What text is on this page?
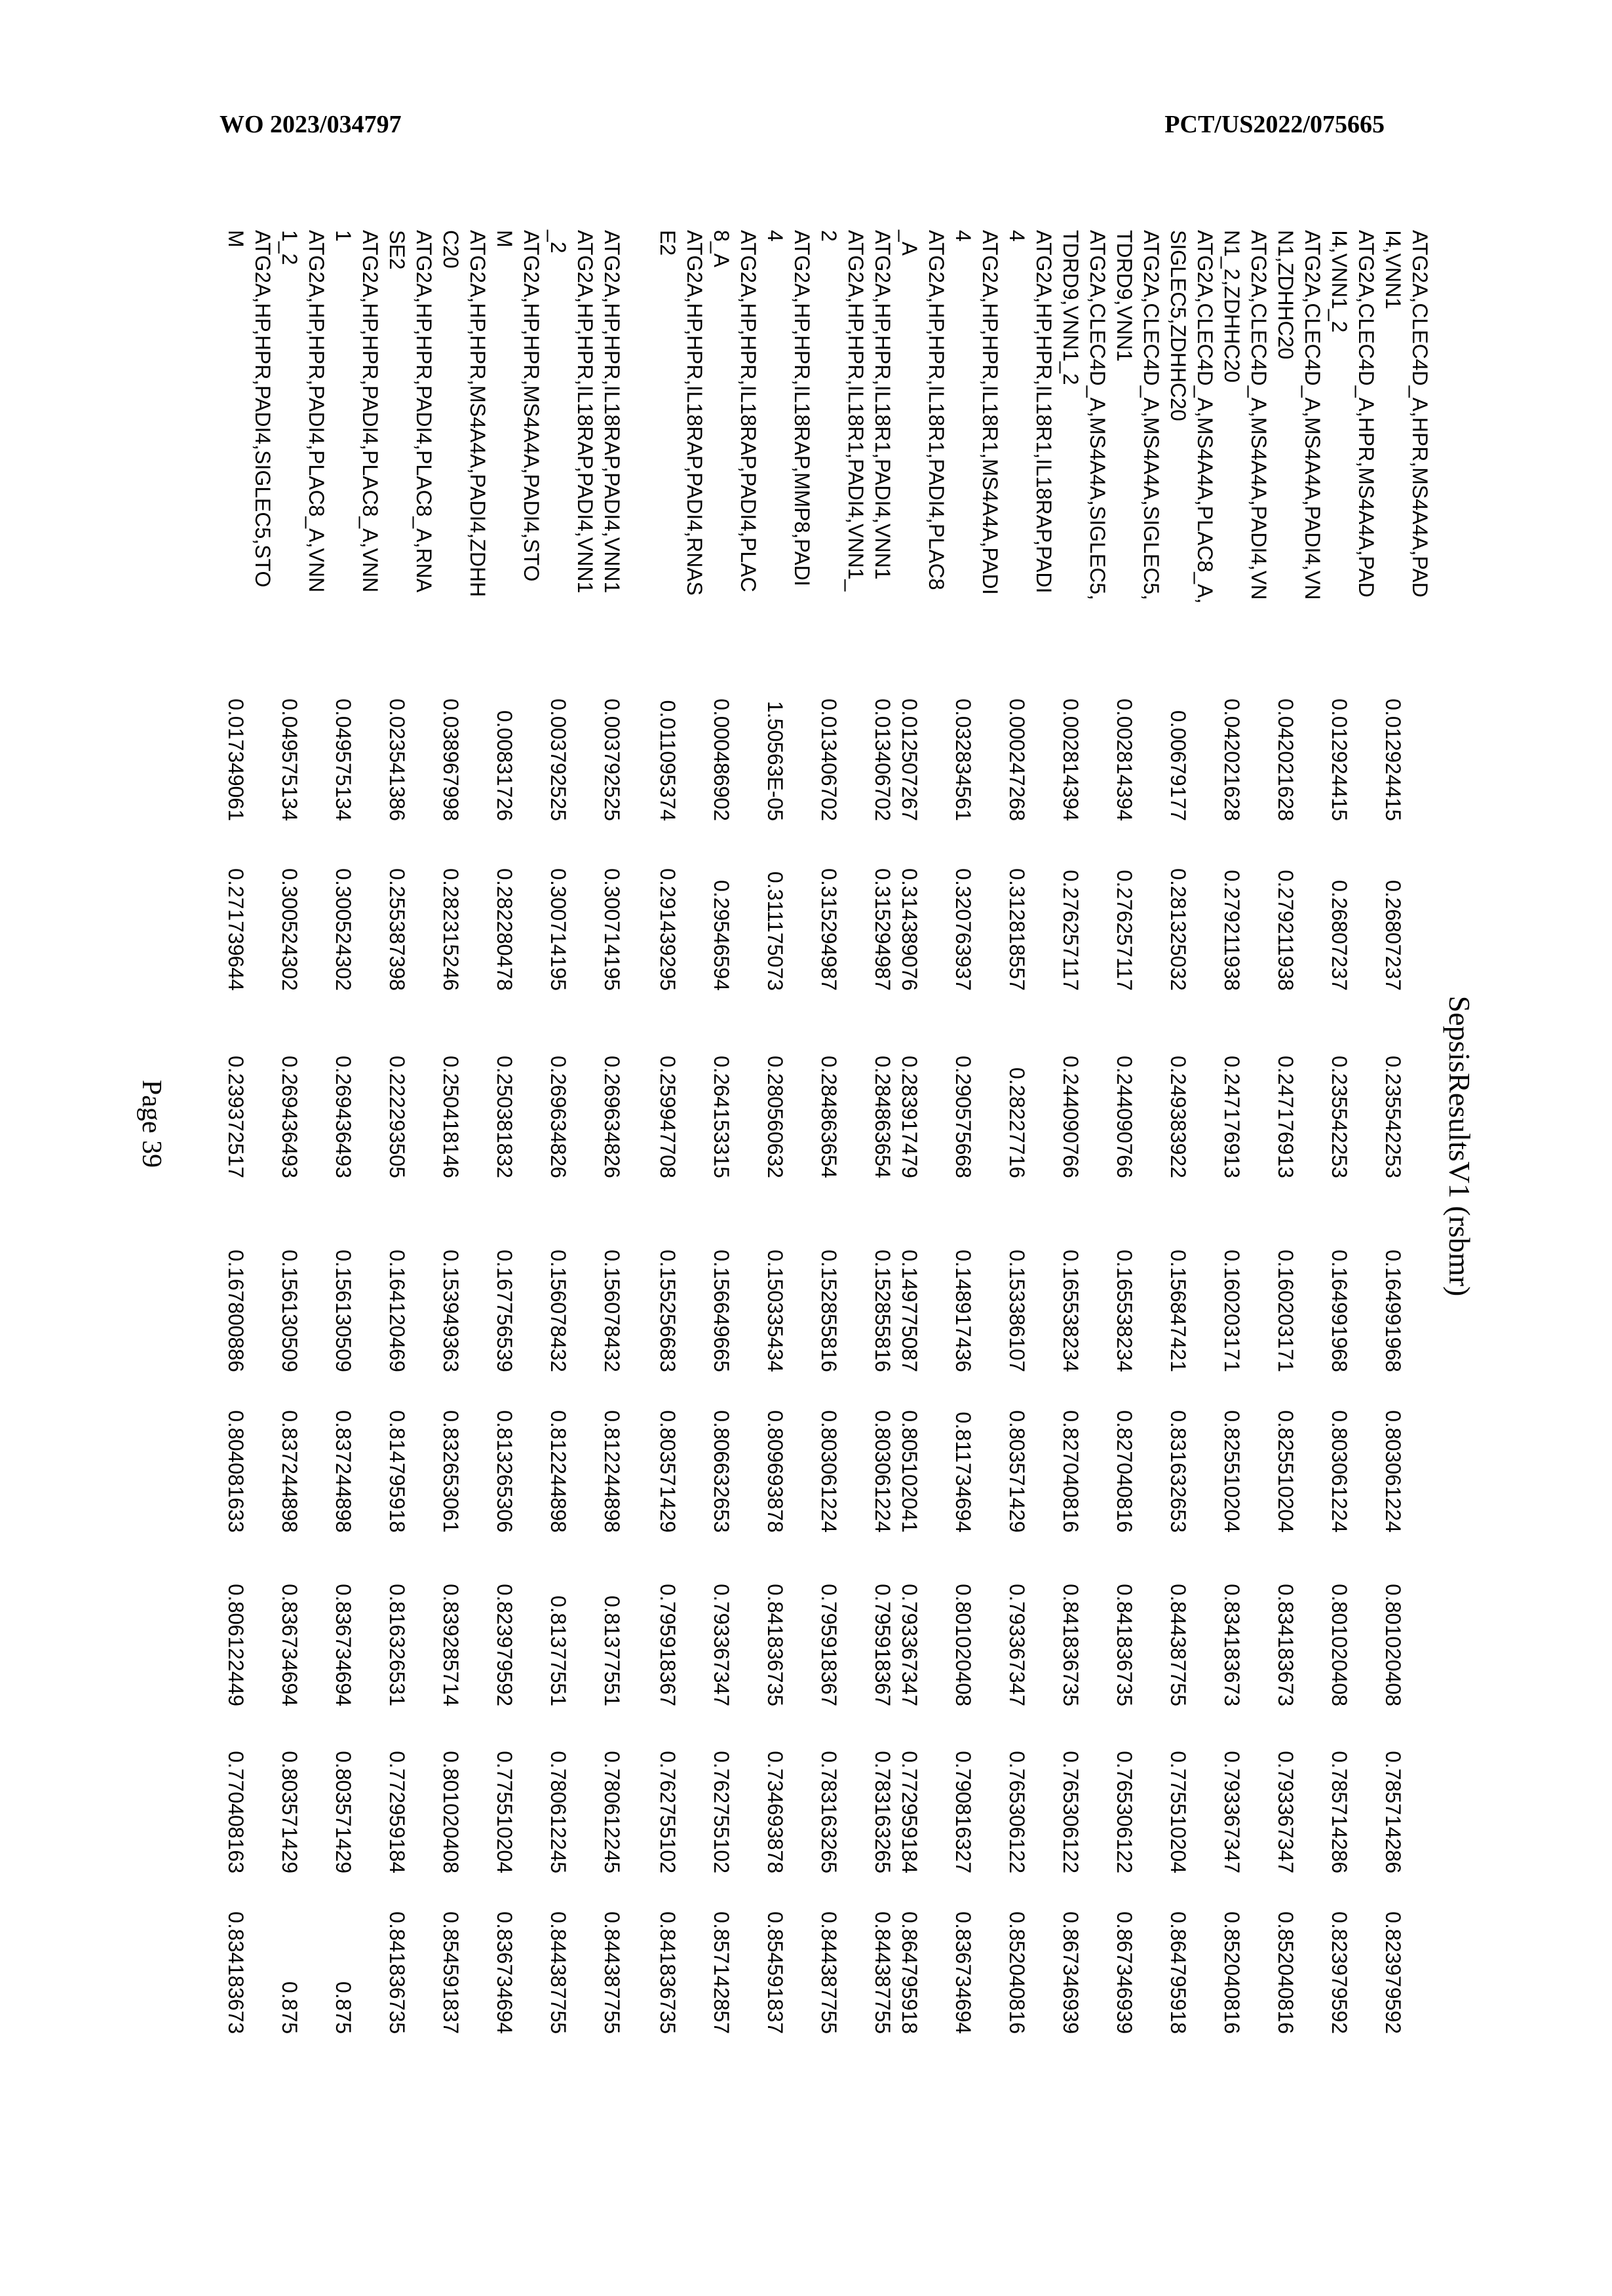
WO 2023/034797	PCT/US2022/075665
SepsisResultsV1 (rsbmr)
ATG2A,CLEC4D_A,HPR,MS4A4A,PAD
I4,VNN1
0.012924415
0.26807237
0.235542253
0.164991968
0.803061224
0.801020408
0.785714286
0.823979592
ATG2A,CLEC4D_A,HPR,MS4A4A,PAD
I4,VNN1_2
0.012924415
0.26807237
0.235542253
0.164991968
0.803061224
0.801020408
0.785714286
0.823979592
ATG2A,CLEC4D_A,MS4A4A,PADI4,VN
N1,ZDHHC20
0.042021628
0.279211938
0.247176913
0.160203171
0.825510204
0.834183673
0.793367347
0.852040816
ATG2A,CLEC4D_A,MS4A4A,PADI4,VN
N1_2,ZDHHC20
0.042021628
0.279211938
0.247176913
0.160203171
0.825510204
0.834183673
0.793367347
0.852040816
ATG2A,CLEC4D_A,MS4A4A,PLAC8_A,
SIGLEC5,ZDHHC20
0.00679177
0.281325032
0.249383922
0.156847421
0.831632653
0.844387755
0.775510204
0.864795918
ATG2A,CLEC4D_A,MS4A4A,SIGLEC5,
TDRD9,VNN1
0.002814394
0.276257117
0.244090766
0.165538234
0.827040816
0.841836735
0.765306122
0.867346939
ATG2A,CLEC4D_A,MS4A4A,SIGLEC5,
TDRD9,VNN1_2
0.002814394
0.276257117
0.244090766
0.165538234
0.827040816
0.841836735
0.765306122
0.867346939
ATG2A,HP,HPR,IL18R1,IL18RAP,PADI
4
0.000247268
0.312818557
0.28227716
0.153386107
0.803571429
0.793367347
0.765306122
0.852040816
ATG2A,HP,HPR,IL18R1,MS4A4A,PADI
4
0.032834561
0.320763937
0.290575668
0.148917436
0.811734694
0.801020408
0.790816327
0.836734694
ATG2A,HP,HPR,IL18R1,PADI4,PLAC8
_A
0.012507267
0.314389076
0.283917479
0.149775087
0.805102041
0.793367347
0.772959184
0.864795918
ATG2A,HP,HPR,IL18R1,PADI4,VNN1
0.013406702
0.315294987
0.284863654
0.152855816
0.803061224
0.795918367
0.783163265
0.844387755
ATG2A,HP,HPR,IL18R1,PADI4,VNN1_
2
0.013406702
0.315294987
0.284863654
0.152855816
0.803061224
0.795918367
0.783163265
0.844387755
ATG2A,HP,HPR,IL18RAP,MMP8,PADI
4
1.50563E-05
0.311175073
0.280560632
0.150335434
0.809693878
0.841836735
0.734693878
0.854591837
ATG2A,HP,HPR,IL18RAP,PADI4,PLAC
8_A
0.000486902
0.29546594
0.264153315
0.156649665
0.806632653
0.793367347
0.762755102
0.857142857
ATG2A,HP,HPR,IL18RAP,PADI4,RNAS
E2
0.011095374
0.291439295
0.259947708
0.155256683
0.803571429
0.795918367
0.762755102
0.841836735
ATG2A,HP,HPR,IL18RAP,PADI4,VNN1
0.003792525
0.300714195
0.269634826
0.156078432
0.812244898
0.81377551
0.780612245
0.844387755
ATG2A,HP,HPR,IL18RAP,PADI4,VNN1
_2
0.003792525
0.300714195
0.269634826
0.156078432
0.812244898
0.81377551
0.780612245
0.844387755
ATG2A,HP,HPR,MS4A4A,PADI4,STO
M
0.00831726
0.282280478
0.250381832
0.167756539
0.813265306
0.823979592
0.775510204
0.836734694
ATG2A,HP,HPR,MS4A4A,PADI4,ZDHH
C20
0.038967998
0.282315246
0.250418146
0.153949363
0.832653061
0.839285714
0.801020408
0.854591837
ATG2A,HP,HPR,PADI4,PLAC8_A,RNA
SE2
0.023541386
0.255387398
0.222293505
0.164120469
0.814795918
0.816326531
0.772959184
0.841836735
ATG2A,HP,HPR,PADI4,PLAC8_A,VNN
1
0.049575134
0.300524302
0.269436493
0.156130509
0.837244898
0.836734694
0.803571429
0.875
ATG2A,HP,HPR,PADI4,PLAC8_A,VNN
1_2
0.049575134
0.300524302
0.269436493
0.156130509
0.837244898
0.836734694
0.803571429
0.875
ATG2A,HP,HPR,PADI4,SIGLEC5,STO
M
0.017349061
0.271739644
0.239372517
0.167800886
0.804081633
0.806122449
0.770408163
0.834183673
Page 39
